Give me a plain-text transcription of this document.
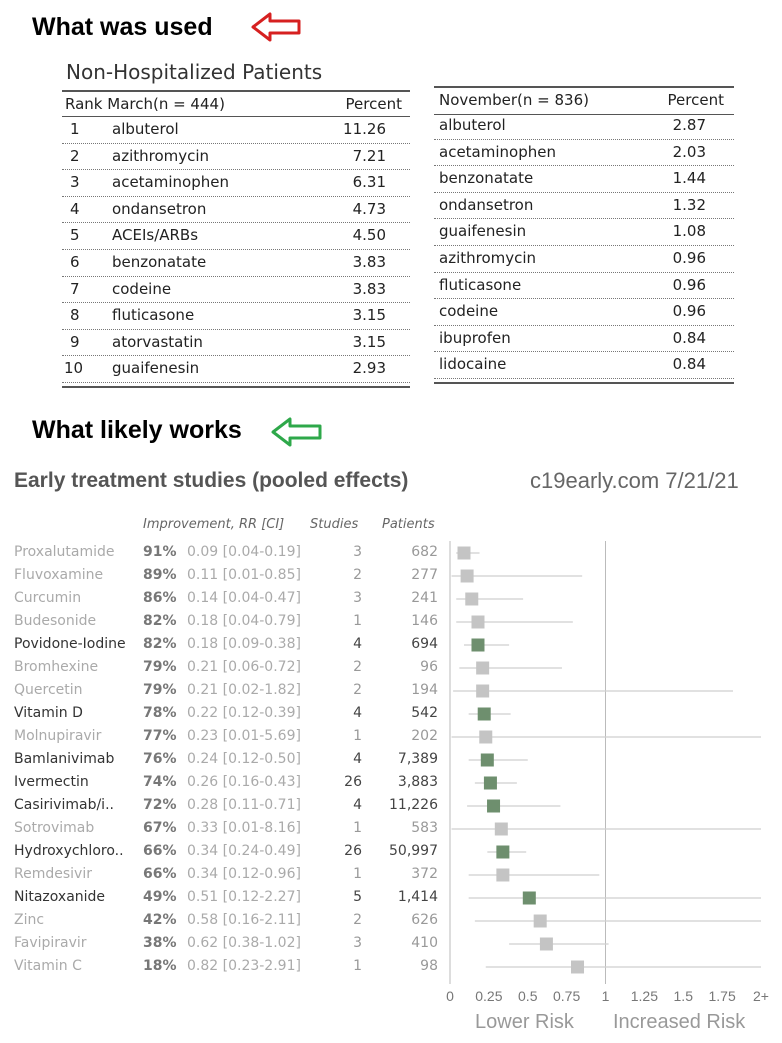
What was used
Non-Hospitalized Patients
Rank March(n = 444)	Percent
1 albuterol	11.26
2 azithromycin	7.21
3 acetaminophen	6.31
4 ondansetron	4.73
5 ACEIs/ARBs	4.50
6 benzonatate	3.83
7 codeine	3.83
8 fluticasone	3.15
9 atorvastatin	3.15
10 guaifenesin	2.93
November(n = 836)	Percent
albuterol	2.87
acetaminophen	2.03
benzonatate	1.44
ondansetron	1.32
guaifenesin	1.08
azithromycin	0.96
fluticasone	0.96
codeine	0.96
ibuprofen	0.84
lidocaine	0.84
What likely works
Early treatment studies (pooled effects)	c19early.com 7/21/21
Improvement, RR [CI] Studies Patients
Proxalutamide 91% 0.09 [0.04-0.19]	3	682
Fluvoxamine	89% 0.11 [0.01-0.85]	2	277
Curcumin	86% 0.14 [0.04-0.47]	3	241
Budesonide	82% 0.18 [0.04-0.79]	1	146
Povidone-Iodine 82% 0.18 [0.09-0.38]	4	694
Bromhexine	79% 0.21 [0.06-0.72]	2	96
Quercetin	79% 0.21 [0.02-1.82]	2	194
Vitamin D	78% 0.22 [0.12-0.39]	4	542
Molnupiravir	77% 0.23 [0.01-5.69]	1	202
Bamlanivimab 76% 0.24 [0.12-0.50]	4	7,389
Ivermectin	74% 0.26 [0.16-0.43]	26	3,883
Casirivimab/i.. 72% 0.28 [0.11-0.71]	4	11,226
Sotrovimab	67% 0.33 [0.01-8.16]	1	583
Hydroxychloro.. 66% 0.34 [0.24-0.49]	26	50,997
Remdesivir	66% 0.34 [0.12-0.96]	1	372
Nitazoxanide	49% 0.51 [0.12-2.27]	5	1,414
Zinc	42% 0.58 [0.16-2.11]	2	626
Favipiravir	38% 0.62 [0.38-1.02]	3	410
Vitamin C	18% 0.82 [0.23-2.91]	1	98
0 0.25 0.5 0.75 1 1.25 1.5 1.75 2+
Lower Risk Increased Risk
